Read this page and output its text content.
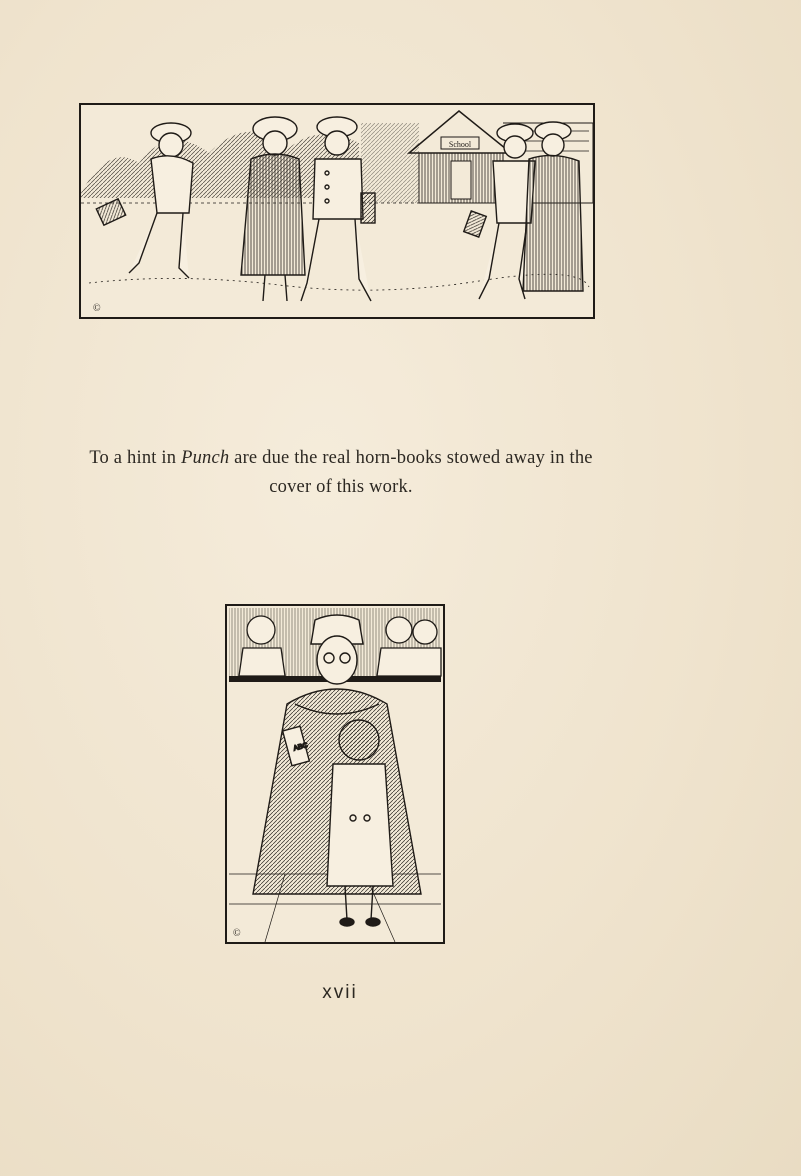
School
©
To a hint in Punch are due the real horn-books stowed away in the
cover of this work.
ABC
©
xvii
